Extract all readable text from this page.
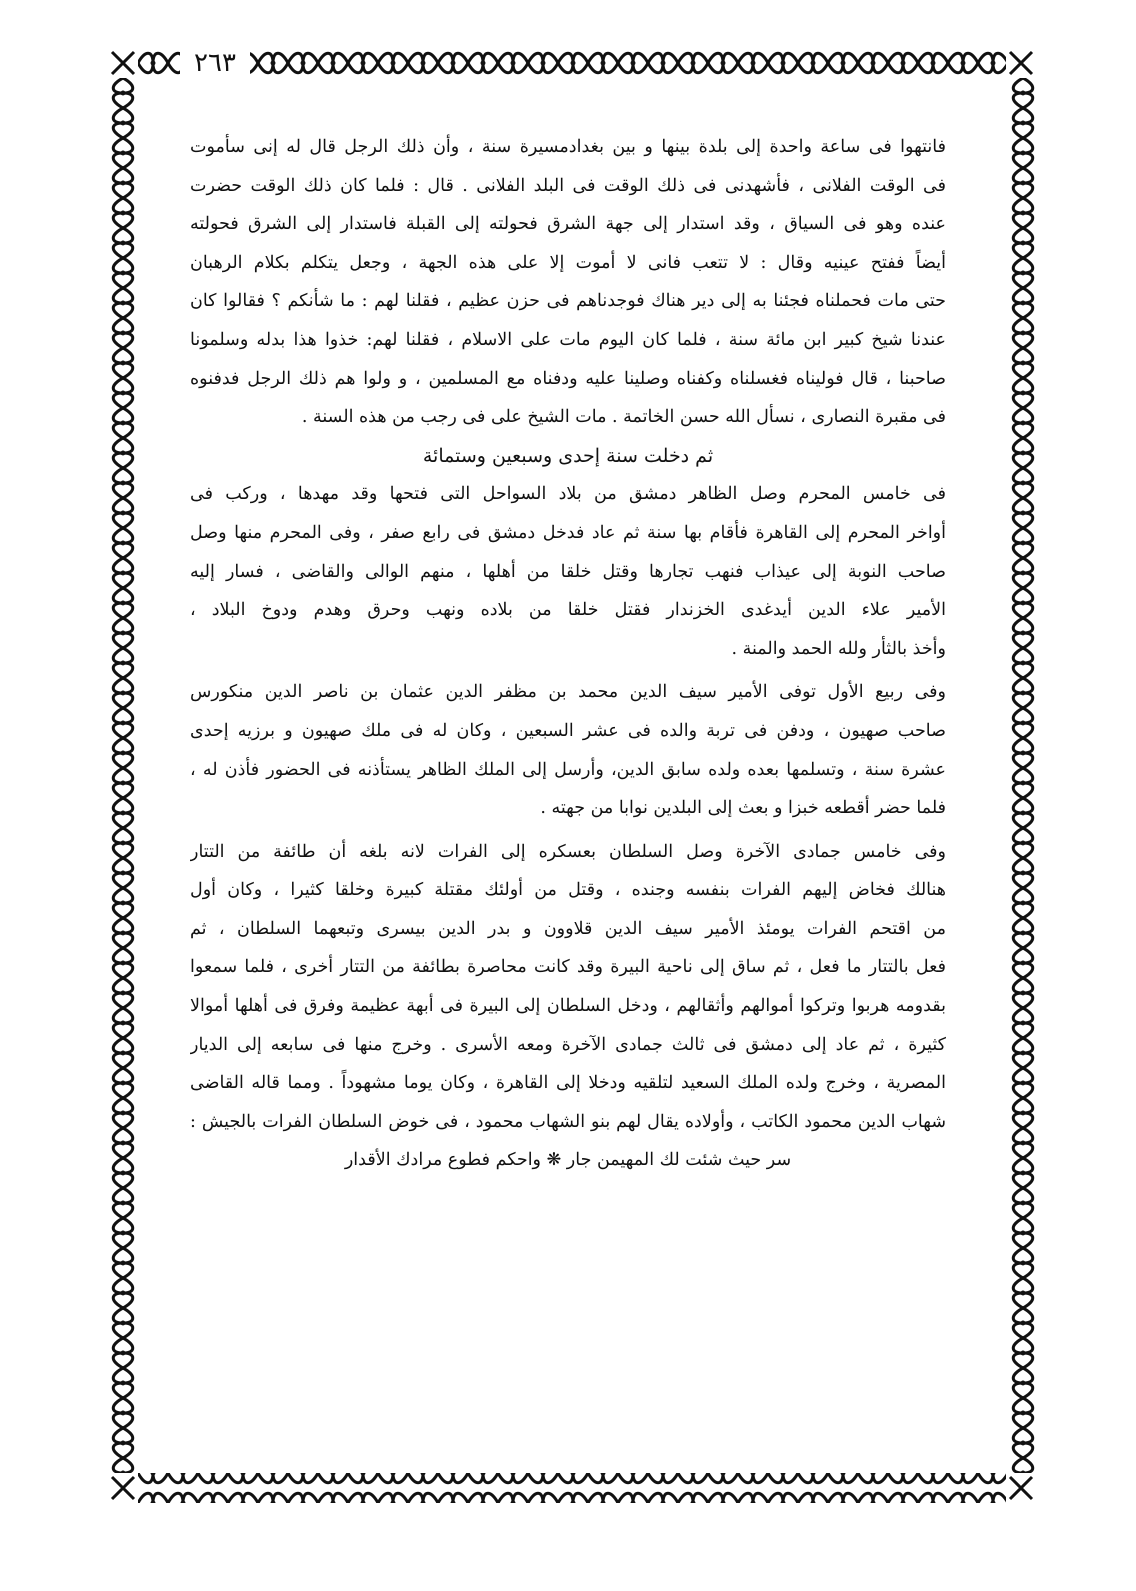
٢٦٣
فانتهوا فى ساعة واحدة إلى بلدة بينها و بين بغدادمسيرة سنة ، وأن ذلك الرجل قال له إنى سأموت
فى الوقت الفلانى ، فأشهدنى فى ذلك الوقت فى البلد الفلانى . قال : فلما كان ذلك الوقت حضرت
عنده وهو فى السياق ، وقد استدار إلى جهة الشرق فحولته إلى القبلة فاستدار إلى الشرق فحولته
أيضاً ففتح عينيه وقال : لا تتعب فانى لا أموت إلا على هذه الجهة ، وجعل يتكلم بكلام الرهبان
حتى مات فحملناه فجئنا به إلى دير هناك فوجدناهم فى حزن عظيم ، فقلنا لهم : ما شأنكم ؟ فقالوا كان
عندنا شيخ كبير ابن مائة سنة ، فلما كان اليوم مات على الاسلام ، فقلنا لهم: خذوا هذا بدله وسلمونا
صاحبنا ، قال فوليناه فغسلناه وكفناه وصلينا عليه ودفناه مع المسلمين ، و ولوا هم ذلك الرجل فدفنوه
فى مقبرة النصارى ، نسأل الله حسن الخاتمة . مات الشيخ على فى رجب من هذه السنة .
ثم دخلت سنة إحدى وسبعين وستمائة
فى خامس المحرم وصل الظاهر دمشق من بلاد السواحل التى فتحها وقد مهدها ، وركب فى
أواخر المحرم إلى القاهرة فأقام بها سنة ثم عاد فدخل دمشق فى رابع صفر ، وفى المحرم منها وصل
صاحب النوبة إلى عيذاب فنهب تجارها وقتل خلقا من أهلها ، منهم الوالى والقاضى ، فسار إليه
الأمير علاء الدين أيدغدى الخزندار فقتل خلقا من بلاده ونهب وحرق وهدم ودوخ البلاد ،
وأخذ بالثأر ولله الحمد والمنة .
وفى ربيع الأول توفى الأمير سيف الدين محمد بن مظفر الدين عثمان بن ناصر الدين منكورس
صاحب صهيون ، ودفن فى تربة والده فى عشر السبعين ، وكان له فى ملك صهيون و برزيه إحدى
عشرة سنة ، وتسلمها بعده ولده سابق الدين، وأرسل إلى الملك الظاهر يستأذنه فى الحضور فأذن له ،
فلما حضر أقطعه خبزا و بعث إلى البلدين نوابا من جهته .
وفى خامس جمادى الآخرة وصل السلطان بعسكره إلى الفرات لانه بلغه أن طائفة من التتار
هنالك فخاض إليهم الفرات بنفسه وجنده ، وقتل من أولئك مقتلة كبيرة وخلقا كثيرا ، وكان أول
من اقتحم الفرات يومئذ الأمير سيف الدين قلاوون و بدر الدين بيسرى وتبعهما السلطان ، ثم
فعل بالتتار ما فعل ، ثم ساق إلى ناحية البيرة وقد كانت محاصرة بطائفة من التتار أخرى ، فلما سمعوا
بقدومه هربوا وتركوا أموالهم وأثقالهم ، ودخل السلطان إلى البيرة فى أبهة عظيمة وفرق فى أهلها أموالا
كثيرة ، ثم عاد إلى دمشق فى ثالث جمادى الآخرة ومعه الأسرى . وخرج منها فى سابعه إلى الديار
المصرية ، وخرج ولده الملك السعيد لتلقيه ودخلا إلى القاهرة ، وكان يوما مشهوداً . ومما قاله القاضى
شهاب الدين محمود الكاتب ، وأولاده يقال لهم بنو الشهاب محمود ، فى خوض السلطان الفرات بالجيش :
سر حيث شئت لك المهيمن جار ❋ واحكم فطوع مرادك الأقدار
